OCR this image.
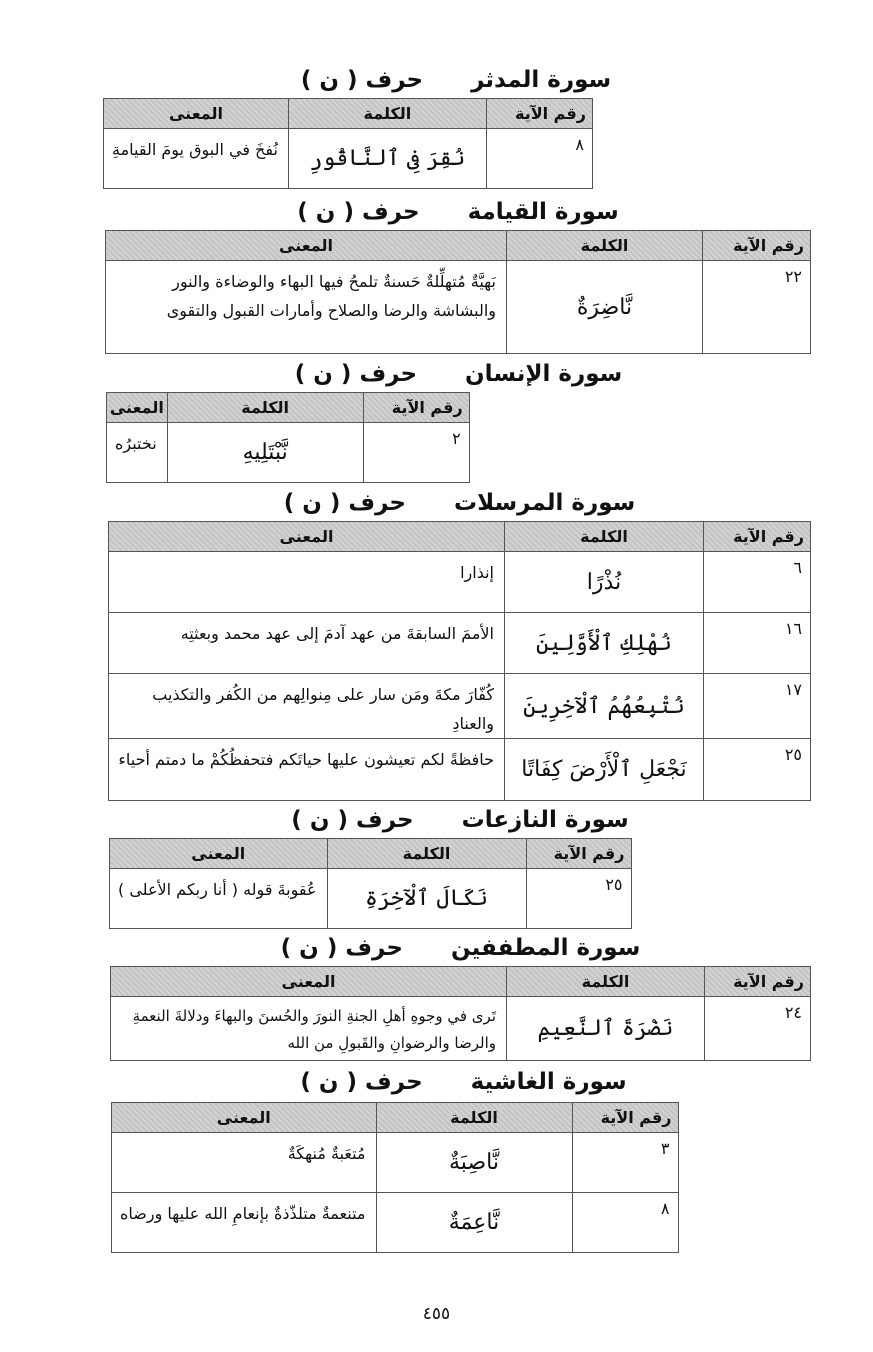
سورة المدثرحرف ( ن )
رقم الآية	الكلمة	المعنى
٨	نُقِرَ فِى ٱلنَّاقُورِ	نُفخَ في البوق يومَ القيامةِ
سورة القيامةحرف ( ن )
رقم الآية	الكلمة	المعنى
٢٢	نَّاضِرَةٌ	بَهيَّةٌ مُتهلِّلةٌ حَسنةٌ تلمحُ فيها البهاء والوضاءة والنور والبشاشة والرضا والصلاح وأمارات القبول والتقوى
سورة الإنسانحرف ( ن )
رقم الآية	الكلمة	المعنى
٢	نَّبْتَلِيهِ	نختبرُه
سورة المرسلاتحرف ( ن )
رقم الآية	الكلمة	المعنى
٦	نُذْرًا	إنذارا
١٦	نُهْلِكِ ٱلْأَوَّلِينَ	الأممَ السابقةَ من عهد آدمَ إلى عهد محمد وبعثتِه
١٧	نُتْبِعُهُمُ ٱلْآخِرِينَ	كُفّارَ مكةَ ومَن سار على مِنوالِهم من الكُفر والتكذيب والعنادِ
٢٥	نَجْعَلِ ٱلْأَرْضَ كِفَاتًا	حافظةً لكم تعيشون عليها حياتَكم فتحفظُكُمْ ما دمتم أحياء
سورة النازعاتحرف ( ن )
رقم الآية	الكلمة	المعنى
٢٥	نَكَالَ ٱلْآخِرَةِ	عُقوبةَ قوله ( أنا ربكم الأعلى )
سورة المطففينحرف ( ن )
رقم الآية	الكلمة	المعنى
٢٤	نَضْرَةَ ٱلنَّعِيمِ	تَرى في وجوهِ أهلِ الجنةِ النورَ والحُسنَ والبهاءَ ودلالةَ النعمةِ والرضا والرضوانِ والقَبولِ من الله
سورة الغاشيةحرف ( ن )
رقم الآية	الكلمة	المعنى
٣	نَّاصِبَةٌ	مُتعَبةٌ مُنهكَةٌ
٨	نَّاعِمَةٌ	متنعمةٌ متلذّذةٌ بإنعامِ الله عليها ورضاه
٤٥٥
